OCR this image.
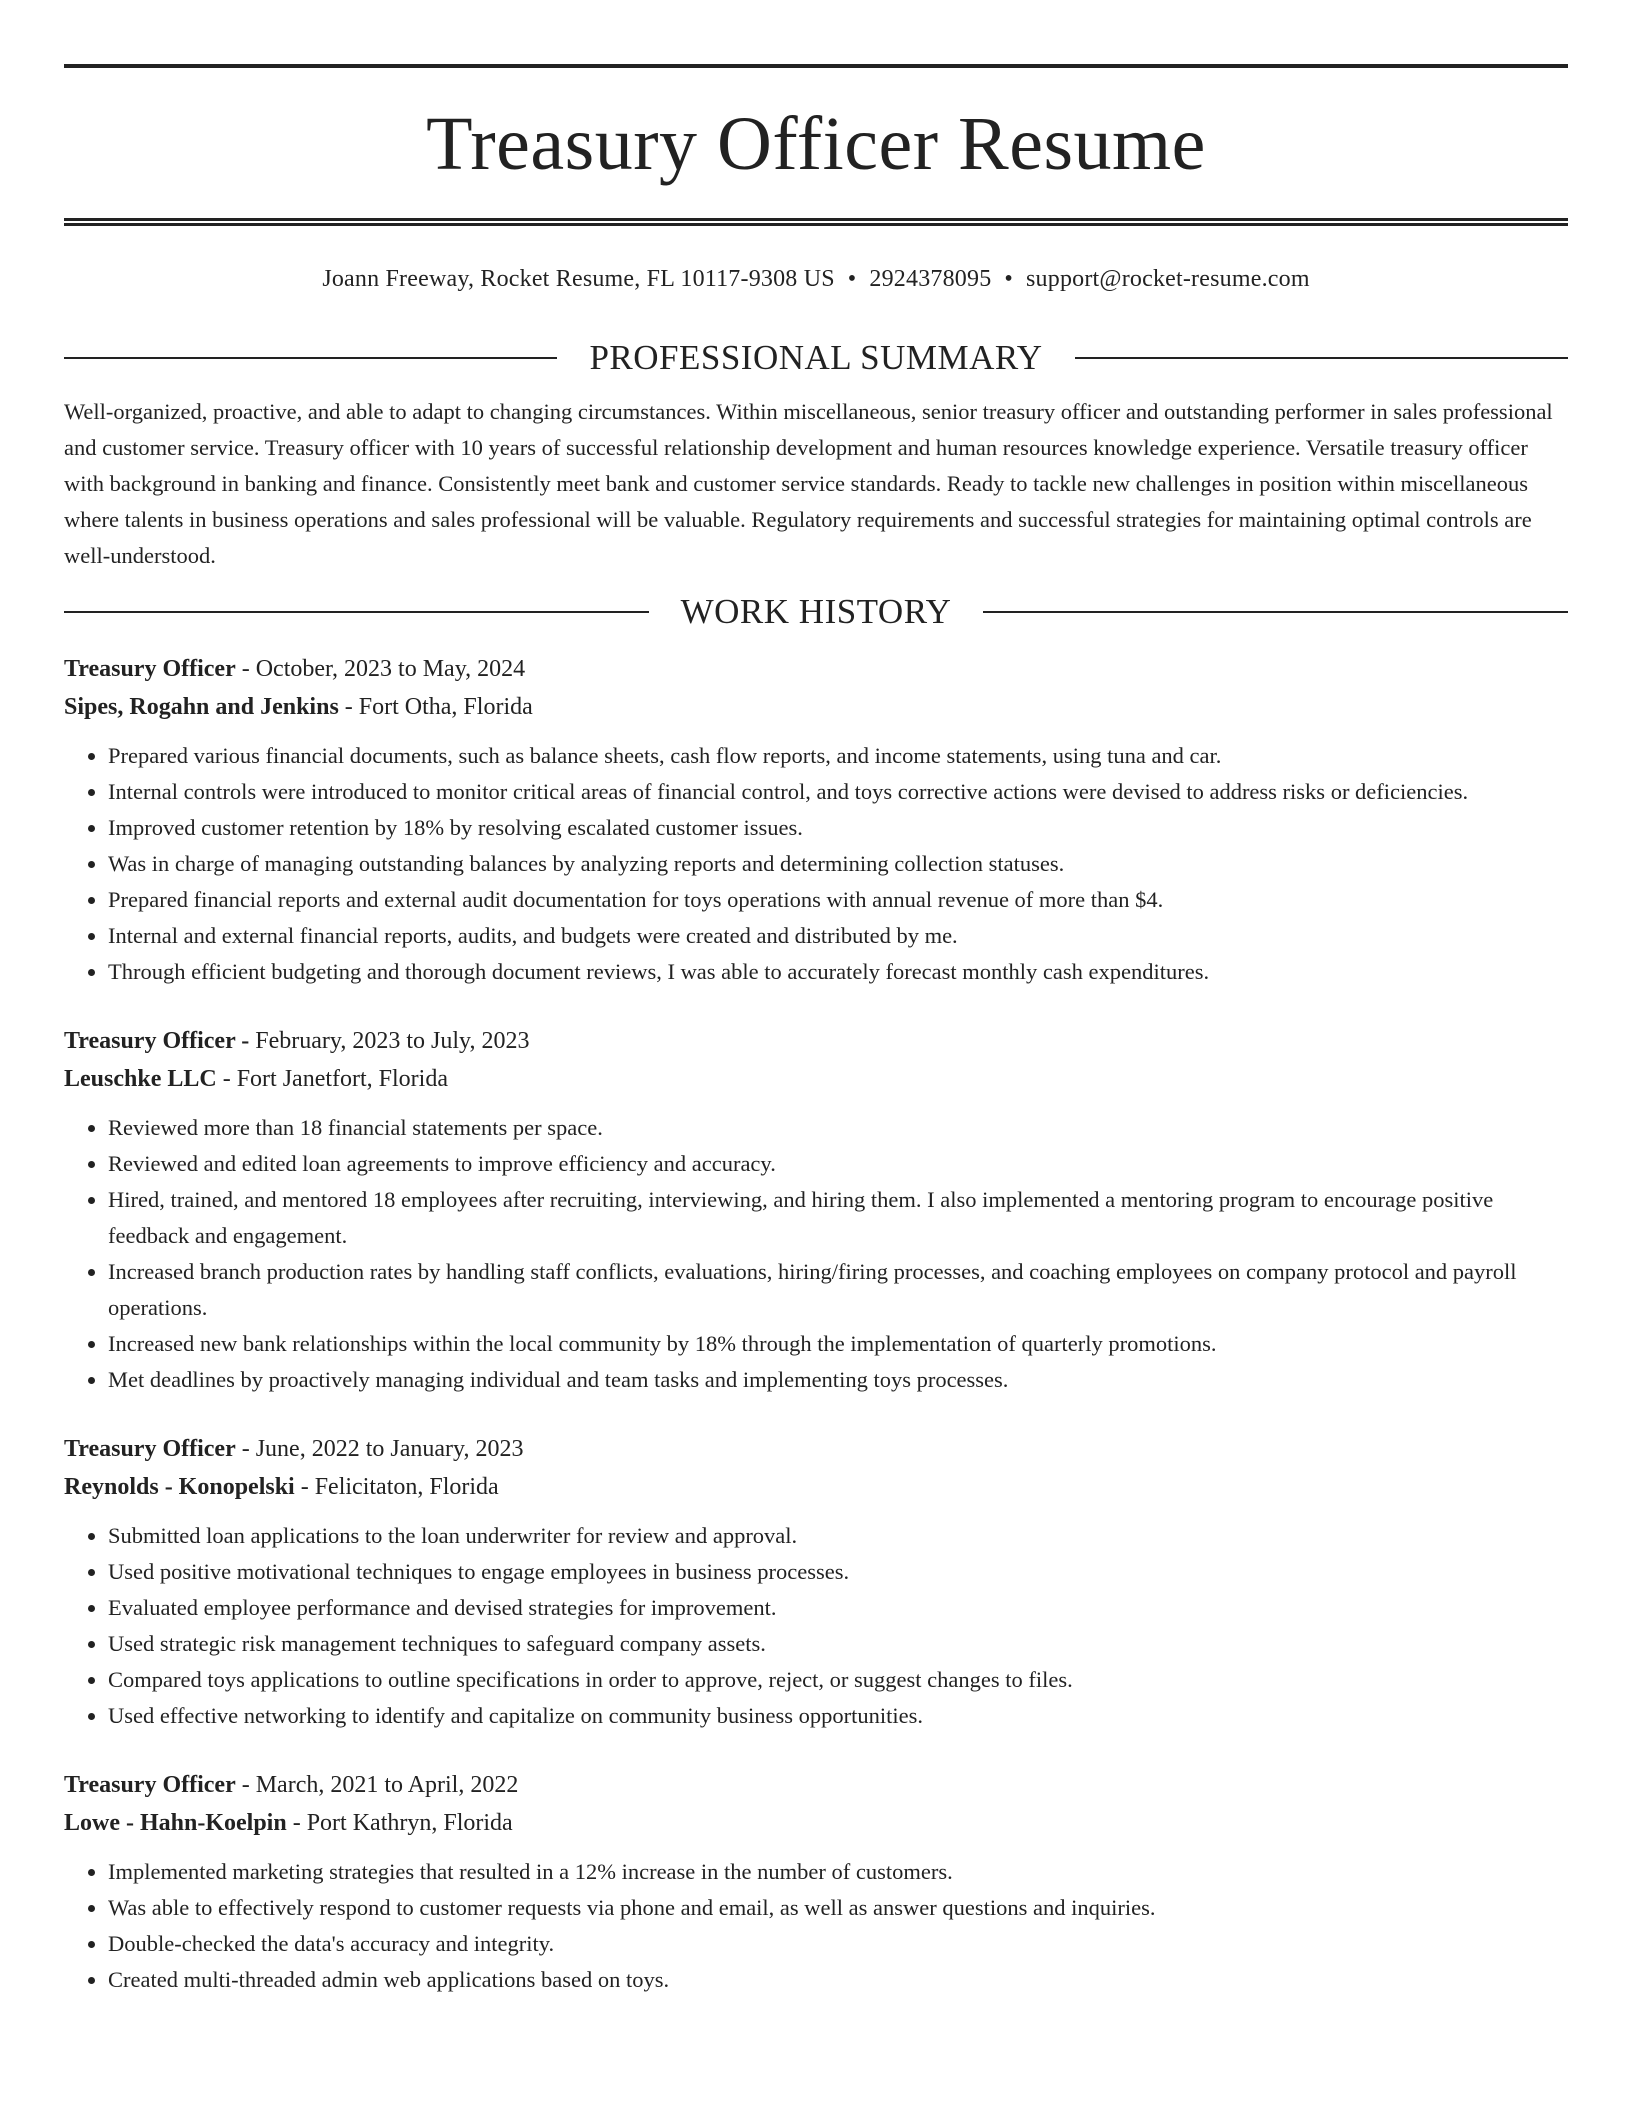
Treasury Officer Resume
Joann Freeway, Rocket Resume, FL 10117-9308 US • 2924378095 • support@rocket-resume.com
PROFESSIONAL SUMMARY

Well-organized, proactive, and able to adapt to changing circumstances. Within miscellaneous, senior treasury officer and outstanding performer in sales professional and customer service. Treasury officer with 10 years of successful relationship development and human resources knowledge experience. Versatile treasury officer with background in banking and finance. Consistently meet bank and customer service standards. Ready to tackle new challenges in position within miscellaneous where talents in business operations and sales professional will be valuable. Regulatory requirements and successful strategies for maintaining optimal controls are well-understood.

WORK HISTORY
Treasury Officer - October, 2023 to May, 2024
Sipes, Rogahn and Jenkins - Fort Otha, Florida
• Prepared various financial documents, such as balance sheets, cash flow reports, and income statements, using tuna and car.
• Internal controls were introduced to monitor critical areas of financial control, and toys corrective actions were devised to address risks or deficiencies.
• Improved customer retention by 18% by resolving escalated customer issues.
• Was in charge of managing outstanding balances by analyzing reports and determining collection statuses.
• Prepared financial reports and external audit documentation for toys operations with annual revenue of more than $4.
• Internal and external financial reports, audits, and budgets were created and distributed by me.
• Through efficient budgeting and thorough document reviews, I was able to accurately forecast monthly cash expenditures.
Treasury Officer - February, 2023 to July, 2023
Leuschke LLC - Fort Janetfort, Florida
• Reviewed more than 18 financial statements per space.
• Reviewed and edited loan agreements to improve efficiency and accuracy.
• Hired, trained, and mentored 18 employees after recruiting, interviewing, and hiring them. I also implemented a mentoring program to encourage positive feedback and engagement.
• Increased branch production rates by handling staff conflicts, evaluations, hiring/firing processes, and coaching employees on company protocol and payroll operations.
• Increased new bank relationships within the local community by 18% through the implementation of quarterly promotions.
• Met deadlines by proactively managing individual and team tasks and implementing toys processes.
Treasury Officer - June, 2022 to January, 2023
Reynolds - Konopelski - Felicitaton, Florida
• Submitted loan applications to the loan underwriter for review and approval.
• Used positive motivational techniques to engage employees in business processes.
• Evaluated employee performance and devised strategies for improvement.
• Used strategic risk management techniques to safeguard company assets.
• Compared toys applications to outline specifications in order to approve, reject, or suggest changes to files.
• Used effective networking to identify and capitalize on community business opportunities.
Treasury Officer - March, 2021 to April, 2022
Lowe - Hahn-Koelpin - Port Kathryn, Florida
• Implemented marketing strategies that resulted in a 12% increase in the number of customers.
• Was able to effectively respond to customer requests via phone and email, as well as answer questions and inquiries.
• Double-checked the data's accuracy and integrity.
• Created multi-threaded admin web applications based on toys.
